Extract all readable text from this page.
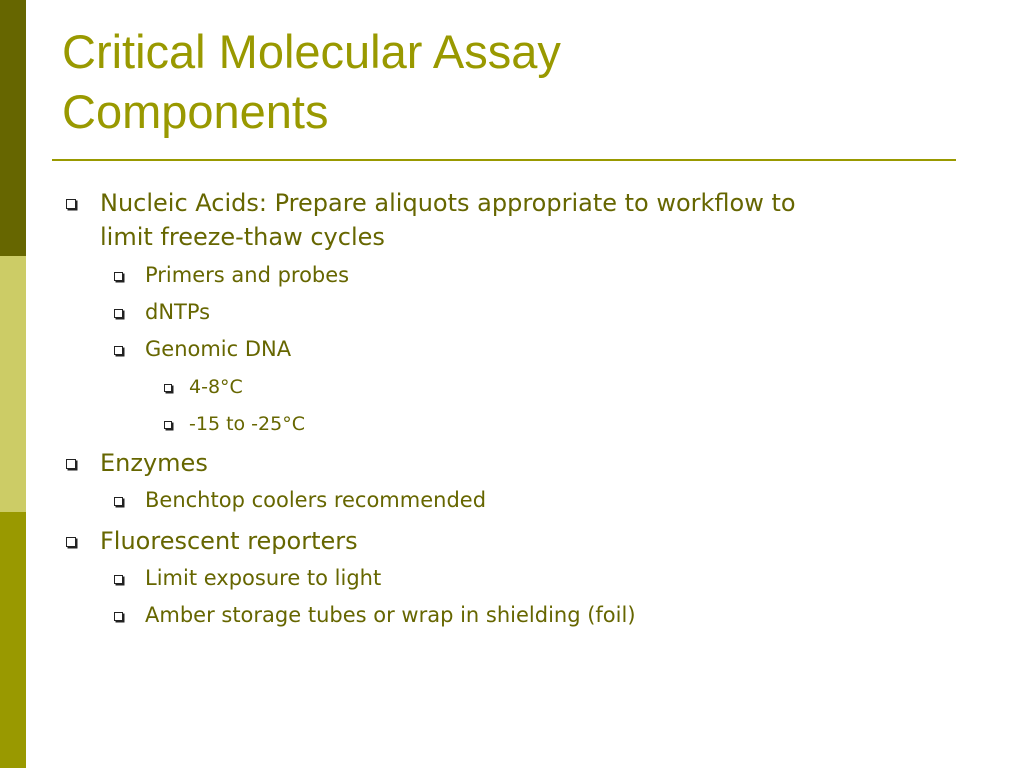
Critical Molecular Assay
Components

Nucleic Acids: Prepare aliquots appropriate to workflow to

limit freeze-thaw cycles

Primers and probes

dNTPs

Genomic DNA

4-8°C

-15 to -25°C

Enzymes

Benchtop coolers recommended

Fluorescent reporters

Limit exposure to light

Amber storage tubes or wrap in shielding (foil)
